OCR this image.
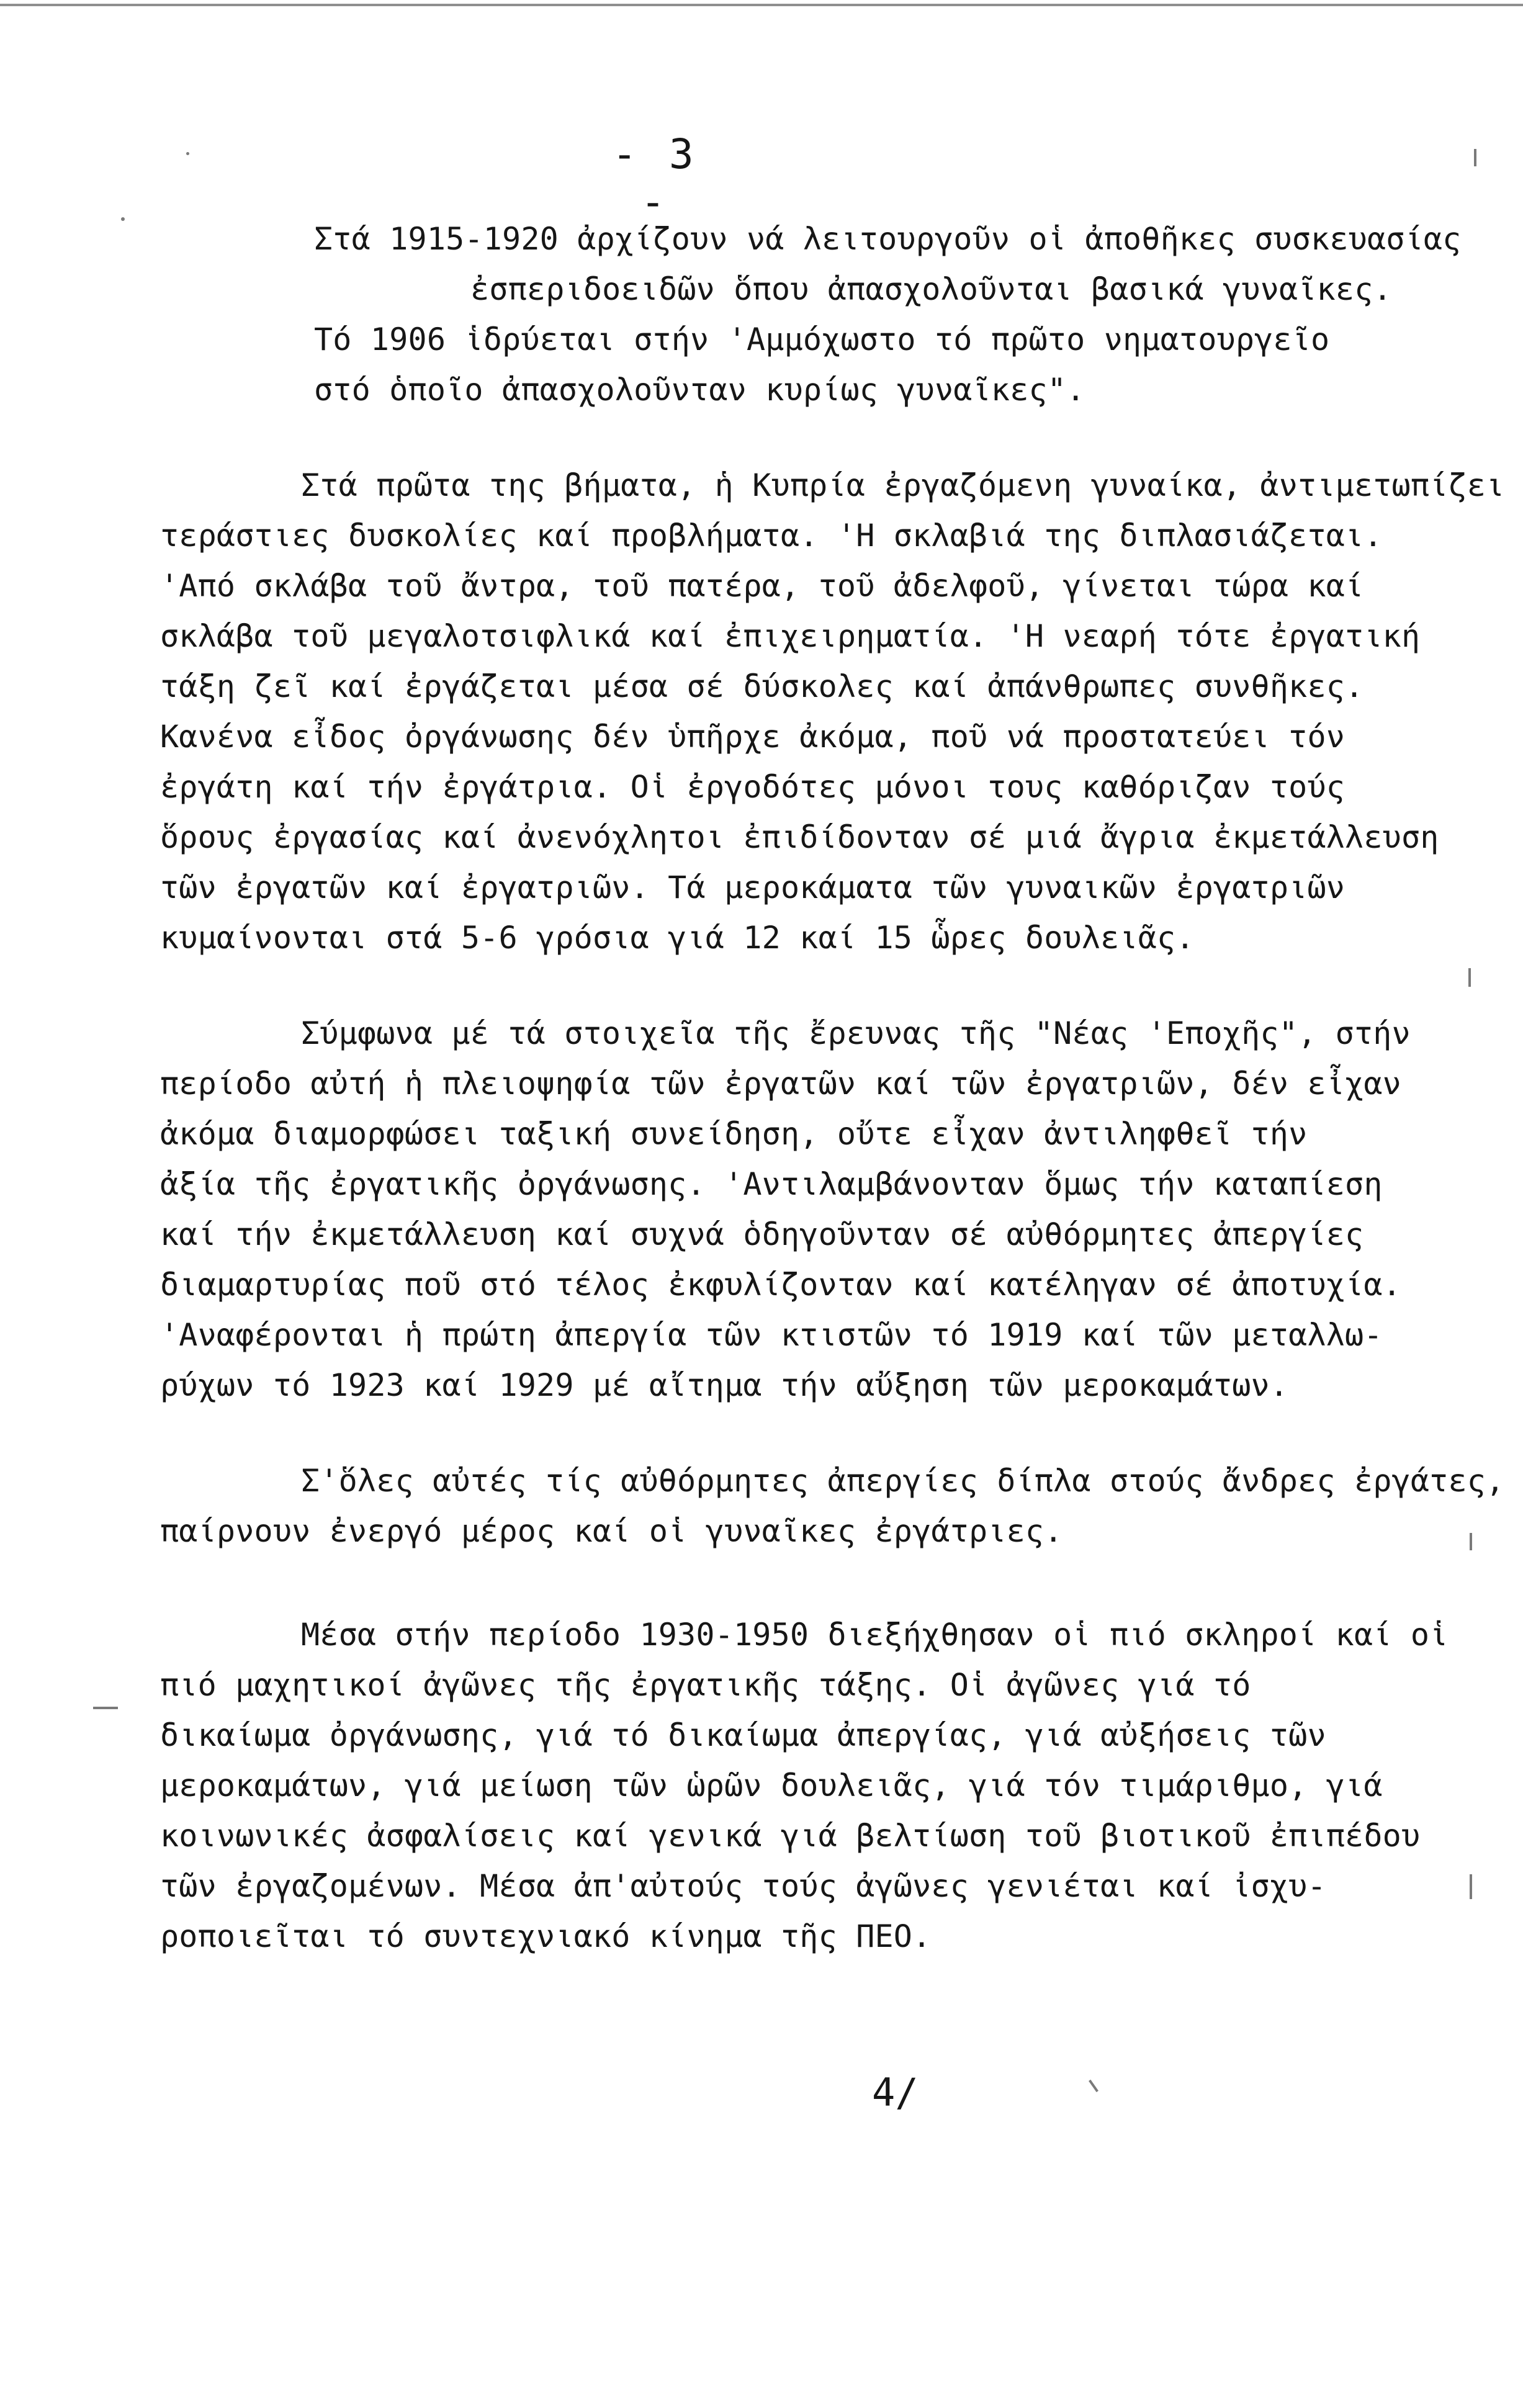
- 3 -
Στά 1915-1920 ἀρχίζουν νά λειτουργοῦν οἱ ἀποθῆκες συσκευασίας
ἐσπεριδοειδῶν ὅπου ἀπασχολοῦνται βασικά γυναῖκες.
Τό 1906 ἱδρύεται στήν 'Αμμόχωστο τό πρῶτο νηματουργεῖο
στό ὁποῖο ἀπασχολοῦνταν κυρίως γυναῖκες".
Στά πρῶτα της βήματα, ἡ Κυπρία ἐργαζόμενη γυναίκα, ἀντιμετωπίζει
τεράστιες δυσκολίες καί προβλήματα. 'Η σκλαβιά της διπλασιάζεται.
'Από σκλάβα τοῦ ἄντρα, τοῦ πατέρα, τοῦ ἀδελφοῦ, γίνεται τώρα καί
σκλάβα τοῦ μεγαλοτσιφλικά καί ἐπιχειρηματία. 'Η νεαρή τότε ἐργατική
τάξη ζεῖ καί ἐργάζεται μέσα σέ δύσκολες καί ἀπάνθρωπες συνθῆκες.
Κανένα εἶδος ὀργάνωσης δέν ὑπῆρχε ἀκόμα, ποῦ νά προστατεύει τόν
ἐργάτη καί τήν ἐργάτρια. Οἱ ἐργοδότες μόνοι τους καθόριζαν τούς
ὅρους ἐργασίας καί ἀνενόχλητοι ἐπιδίδονταν σέ μιά ἄγρια ἐκμετάλλευση
τῶν ἐργατῶν καί ἐργατριῶν. Τά μεροκάματα τῶν γυναικῶν ἐργατριῶν
κυμαίνονται στά 5-6 γρόσια γιά 12 καί 15 ὧρες δουλειᾶς.
Σύμφωνα μέ τά στοιχεῖα τῆς ἔρευνας τῆς "Νέας 'Εποχῆς", στήν
περίοδο αὐτή ἡ πλειοψηφία τῶν ἐργατῶν καί τῶν ἐργατριῶν, δέν εἶχαν
ἀκόμα διαμορφώσει ταξική συνείδηση, οὔτε εἶχαν ἀντιληφθεῖ τήν
ἀξία τῆς ἐργατικῆς ὀργάνωσης. 'Αντιλαμβάνονταν ὅμως τήν καταπίεση
καί τήν ἐκμετάλλευση καί συχνά ὁδηγοῦνταν σέ αὐθόρμητες ἀπεργίες
διαμαρτυρίας ποῦ στό τέλος ἐκφυλίζονταν καί κατέληγαν σέ ἀποτυχία.
'Αναφέρονται ἡ πρώτη ἀπεργία τῶν κτιστῶν τό 1919 καί τῶν μεταλλω-
ρύχων τό 1923 καί 1929 μέ αἴτημα τήν αὔξηση τῶν μεροκαμάτων.
Σ'ὅλες αὐτές τίς αὐθόρμητες ἀπεργίες δίπλα στούς ἄνδρες ἐργάτες,
παίρνουν ἐνεργό μέρος καί οἱ γυναῖκες ἐργάτριες.
Μέσα στήν περίοδο 1930-1950 διεξήχθησαν οἱ πιό σκληροί καί οἱ
πιό μαχητικοί ἀγῶνες τῆς ἐργατικῆς τάξης. Οἱ ἀγῶνες γιά τό
δικαίωμα ὀργάνωσης, γιά τό δικαίωμα ἀπεργίας, γιά αὐξήσεις τῶν
μεροκαμάτων, γιά μείωση τῶν ὡρῶν δουλειᾶς, γιά τόν τιμάριθμο, γιά
κοινωνικές ἀσφαλίσεις καί γενικά γιά βελτίωση τοῦ βιοτικοῦ ἐπιπέδου
τῶν ἐργαζομένων. Μέσα ἀπ'αὐτούς τούς ἀγῶνες γενιέται καί ἰσχυ-
ροποιεῖται τό συντεχνιακό κίνημα τῆς ΠΕΟ.
4/
